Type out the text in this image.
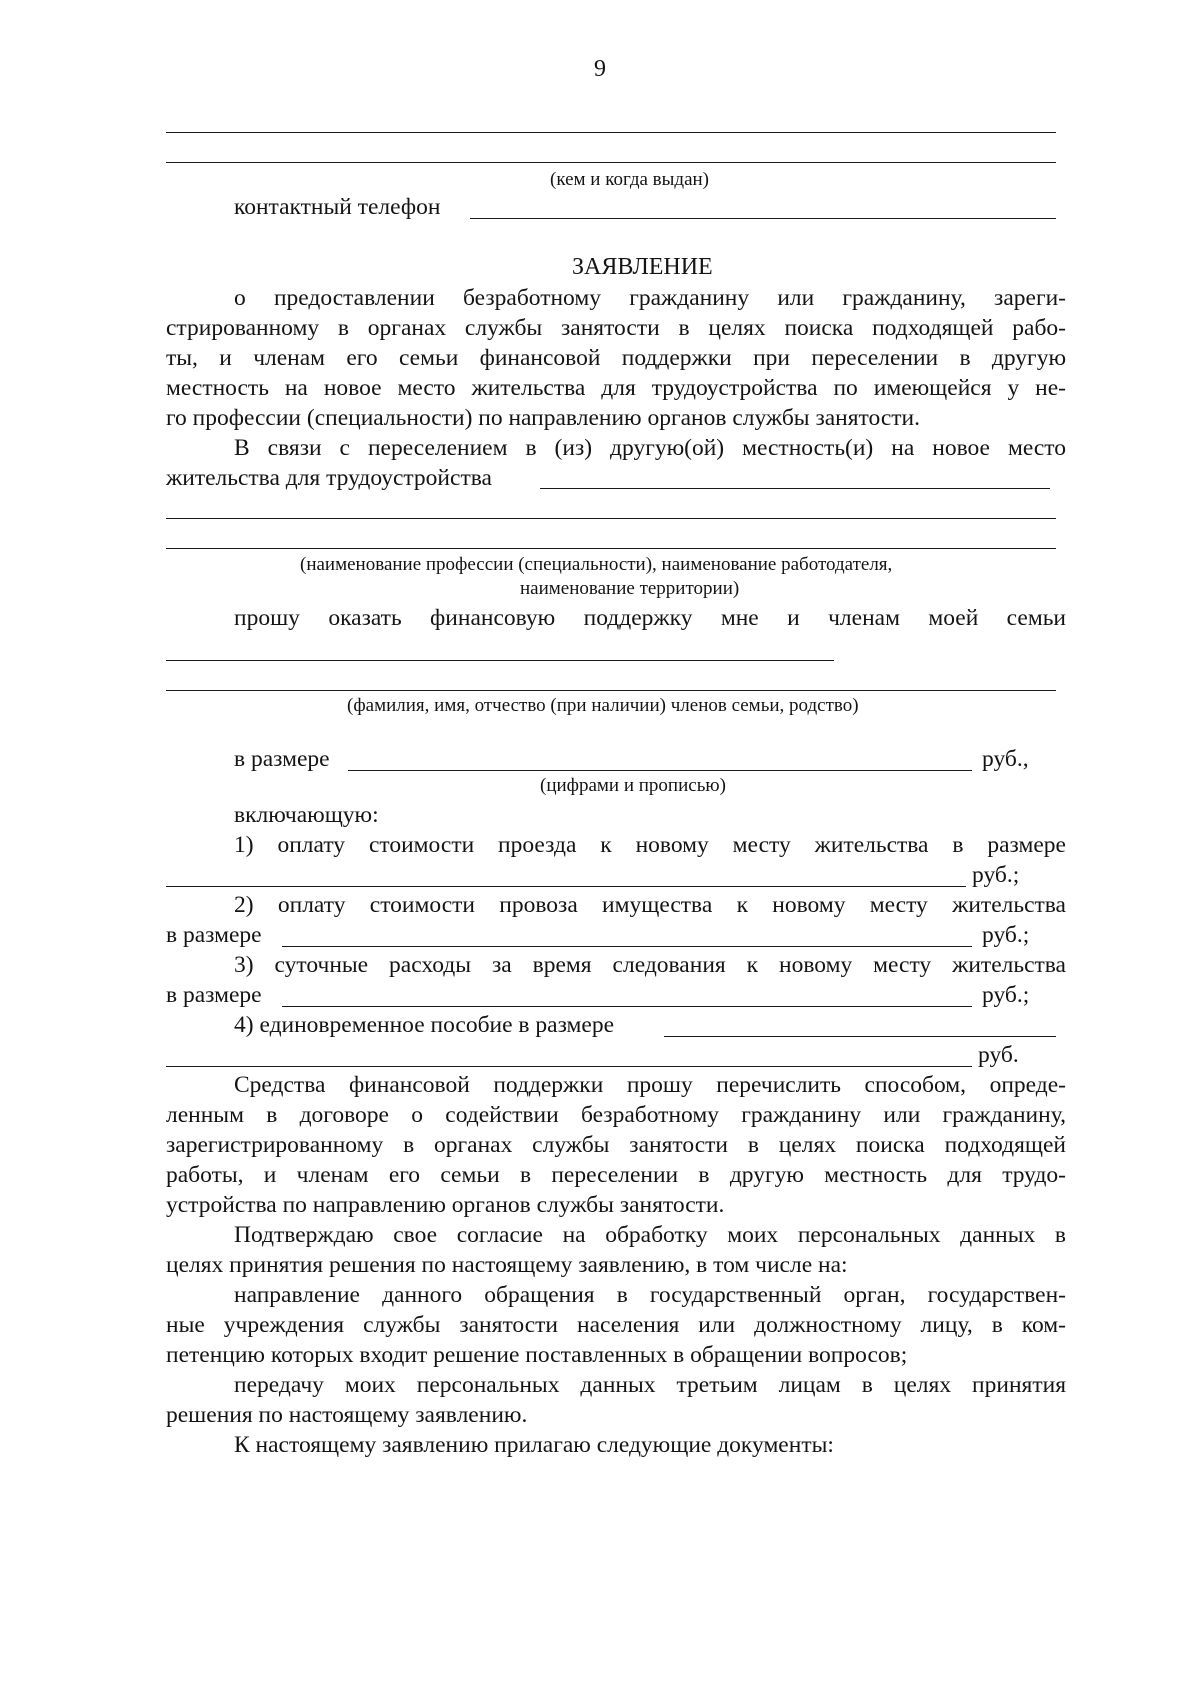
9
(кем и когда выдан)
контактный телефон
ЗАЯВЛЕНИЕ
о предоставлении безработному гражданину или гражданину, зареги-
стрированному в органах службы занятости в целях поиска подходящей рабо-
ты, и членам его семьи финансовой поддержки при переселении в другую
местность на новое место жительства для трудоустройства по имеющейся у не-
го профессии (специальности) по направлению органов службы занятости.
В связи с переселением в (из) другую(ой) местность(и) на новое место
жительства для трудоустройства
(наименование профессии (специальности), наименование работодателя,
наименование территории)
прошу оказать финансовую поддержку мне и членам моей семьи
(фамилия, имя, отчество (при наличии) членов семьи, родство)
в размере	руб.,
(цифрами и прописью)
включающую:
1) оплату стоимости проезда к новому месту жительства в размере
руб.;
2) оплату стоимости провоза имущества к новому месту жительства
в размере	руб.;
3) суточные расходы за время следования к новому месту жительства
в размере	руб.;
4) единовременное пособие в размере
руб.
Средства финансовой поддержки прошу перечислить способом, опреде-
ленным в договоре о содействии безработному гражданину или гражданину,
зарегистрированному в органах службы занятости в целях поиска подходящей
работы, и членам его семьи в переселении в другую местность для трудо-
устройства по направлению органов службы занятости.
Подтверждаю свое согласие на обработку моих персональных данных в
целях принятия решения по настоящему заявлению, в том числе на:
направление данного обращения в государственный орган, государствен-
ные учреждения службы занятости населения или должностному лицу, в ком-
петенцию которых входит решение поставленных в обращении вопросов;
передачу моих персональных данных третьим лицам в целях принятия
решения по настоящему заявлению.
К настоящему заявлению прилагаю следующие документы:
